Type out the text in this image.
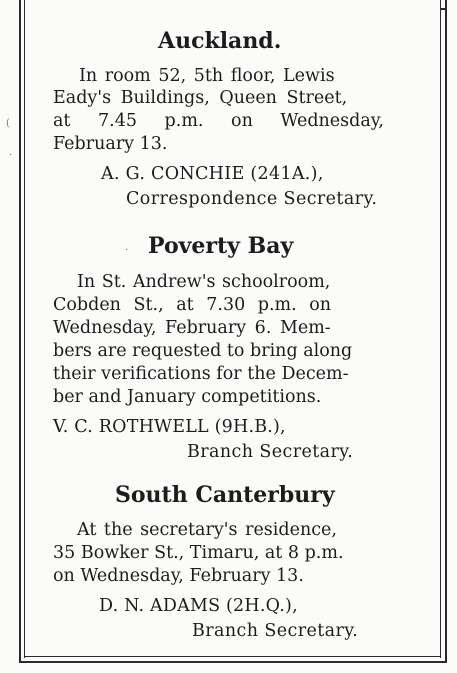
(
·
·
Auckland.
In room 52, 5th floor, Lewis
Eady's Buildings, Queen Street,
at 7.45 p.m. on Wednesday,
February 13.
A. G. CONCHIE (241A.),
Correspondence Secretary.
Poverty Bay
In St. Andrew's schoolroom,
Cobden St., at 7.30 p.m. on
Wednesday, February 6. Mem-
bers are requested to bring along
their verifications for the Decem-
ber and January competitions.
V. C. ROTHWELL (9H.B.),
Branch Secretary.
South Canterbury
At the secretary's residence,
35 Bowker St., Timaru, at 8 p.m.
on Wednesday, February 13.
D. N. ADAMS (2H.Q.),
Branch Secretary.
